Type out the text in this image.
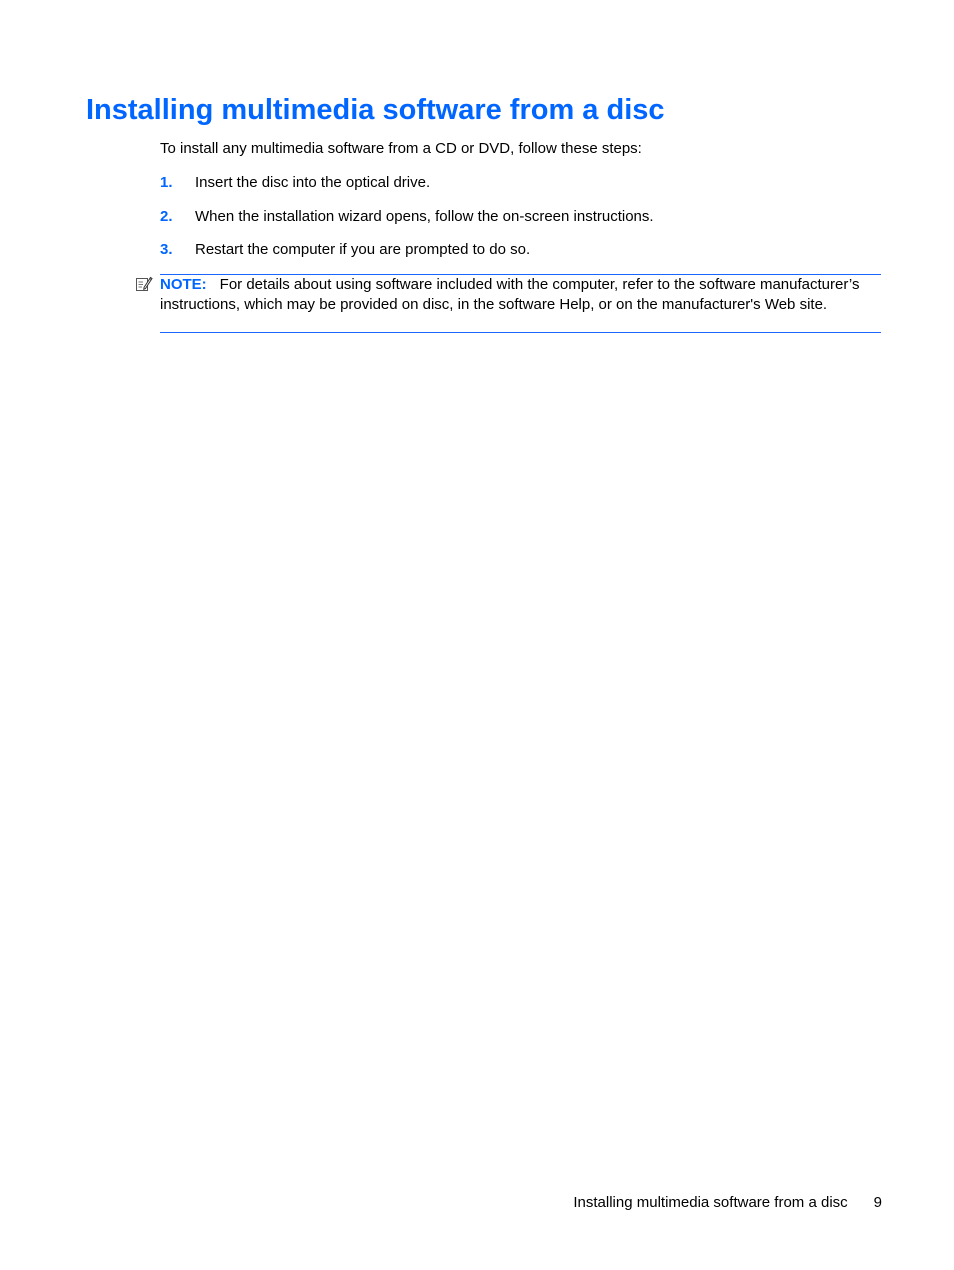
Installing multimedia software from a disc
To install any multimedia software from a CD or DVD, follow these steps:
1. Insert the disc into the optical drive.
2. When the installation wizard opens, follow the on-screen instructions.
3. Restart the computer if you are prompted to do so.

NOTE: For details about using software included with the computer, refer to the software manufacturer’s instructions, which may be provided on disc, in the software Help, or on the manufacturer's Web site.

Installing multimedia software from a disc 9
